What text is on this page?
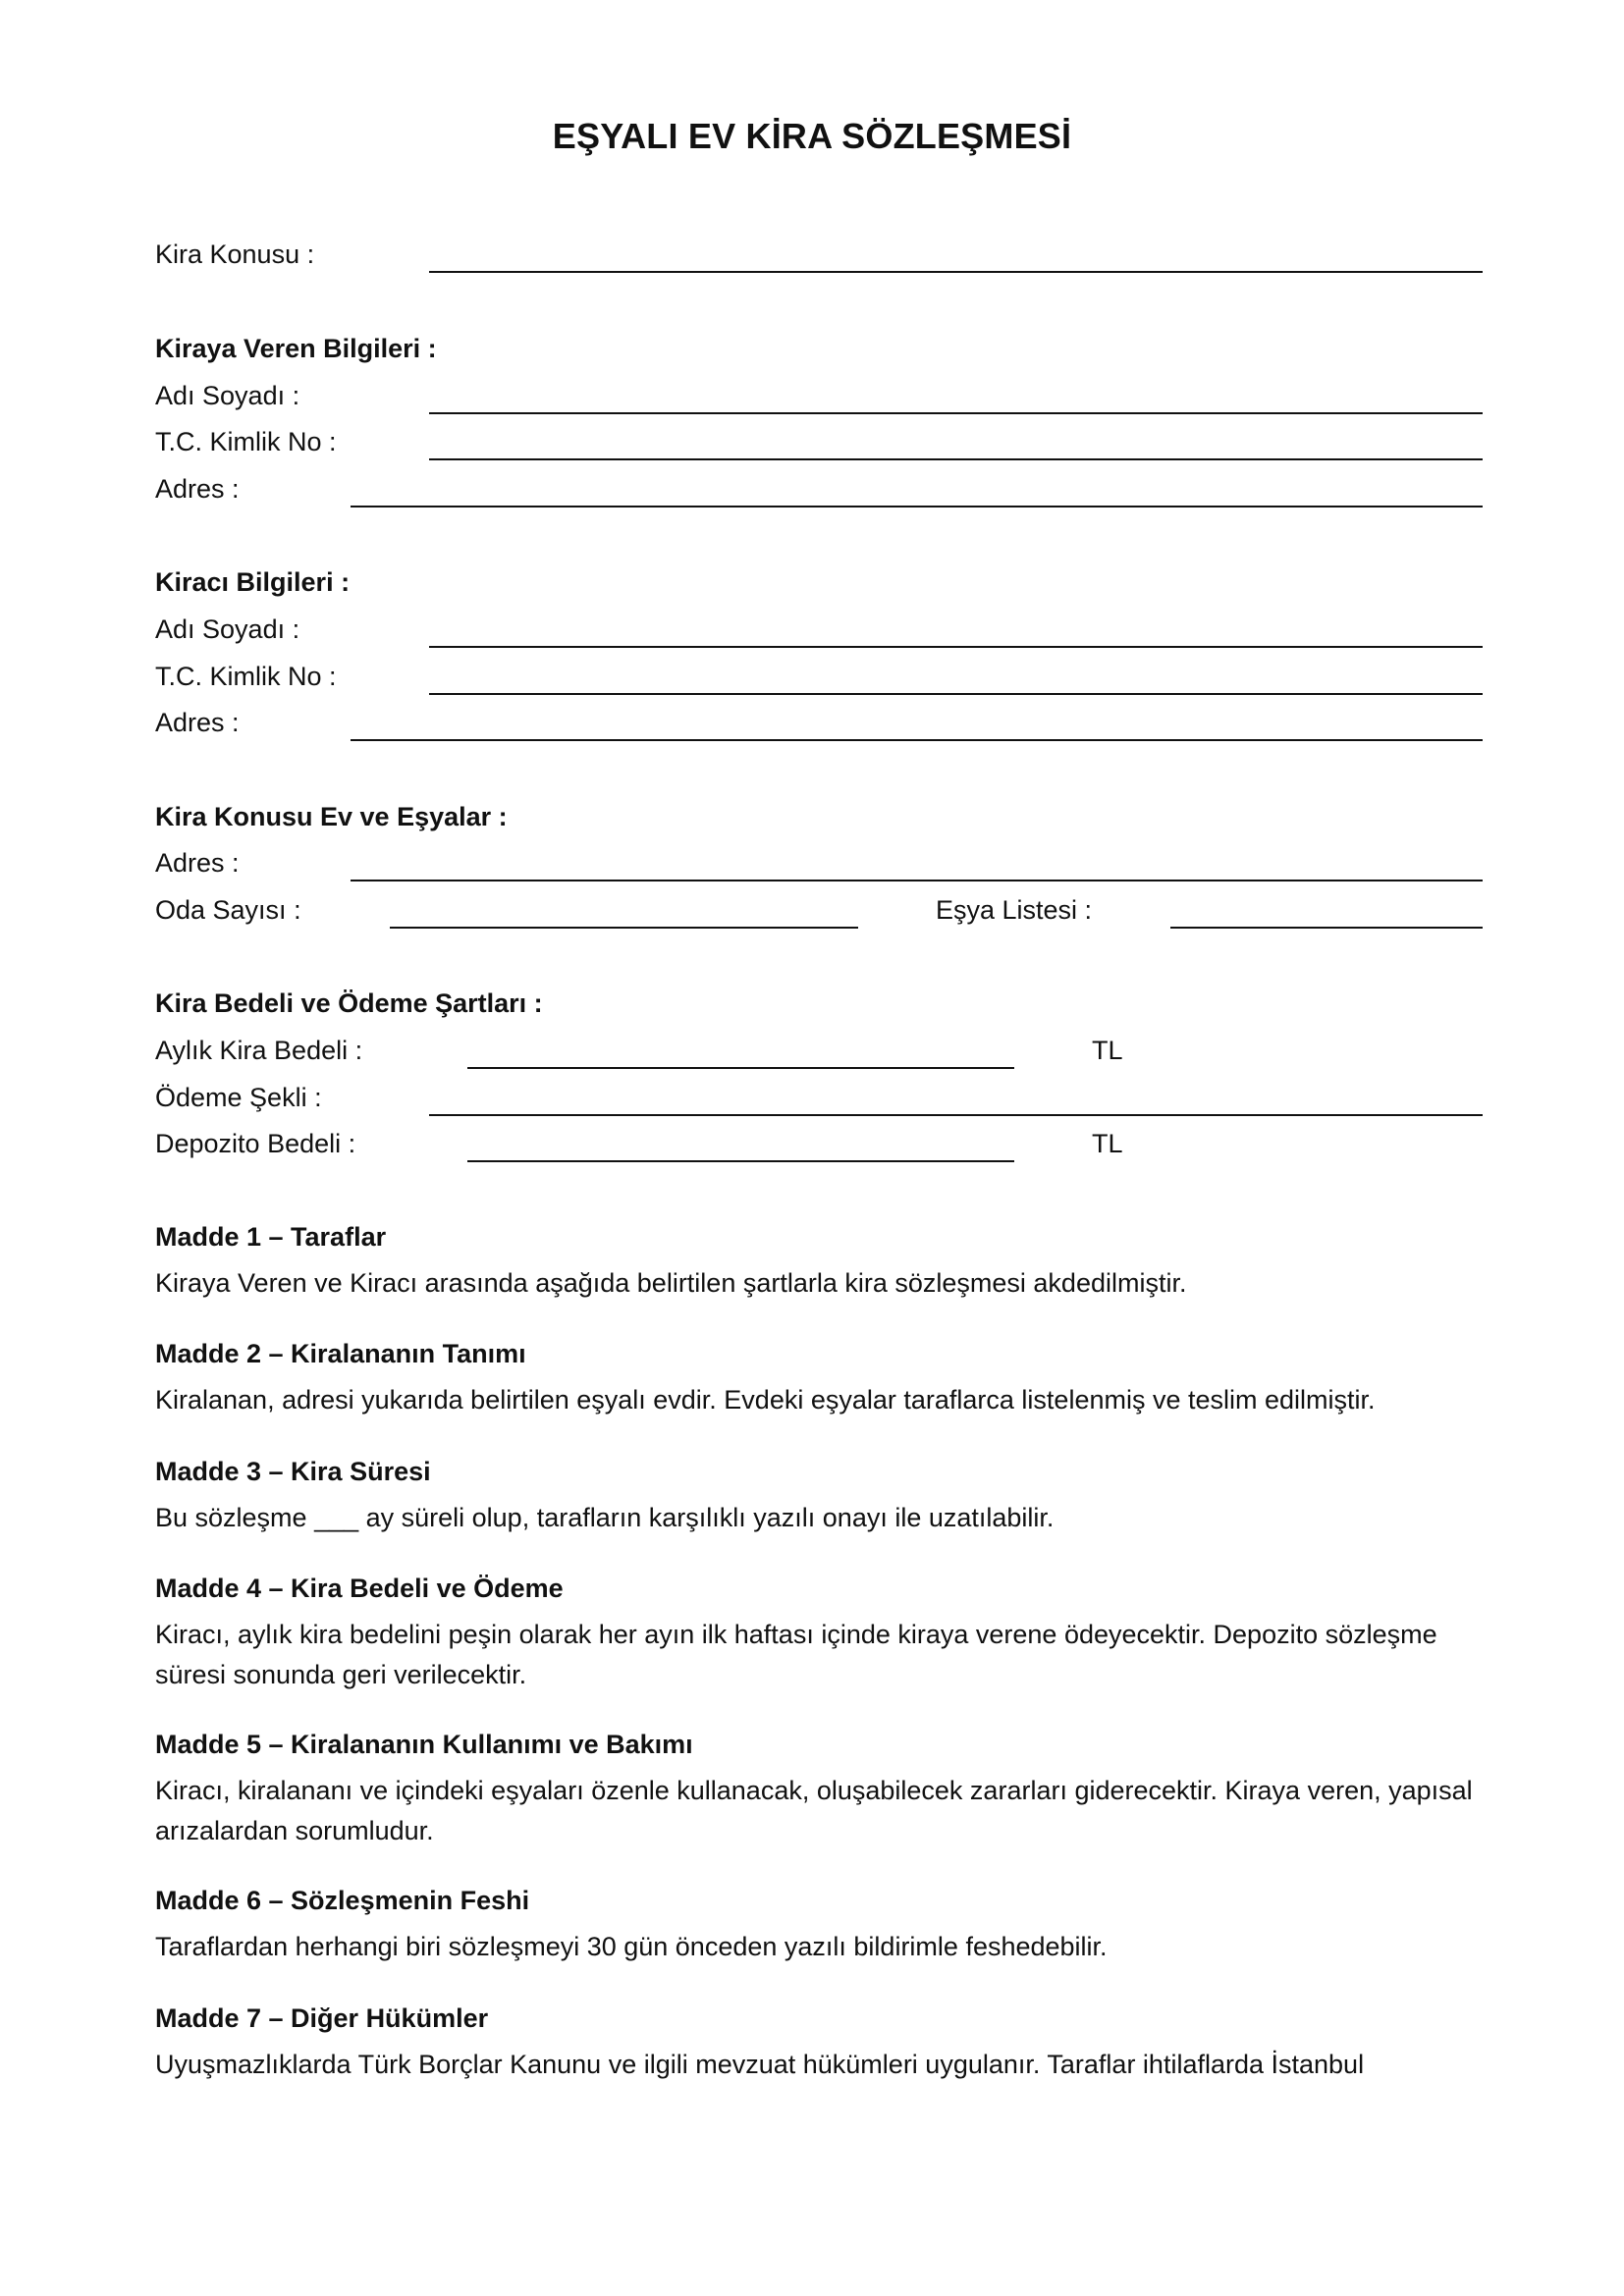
EŞYALI EV KİRA SÖZLEŞMESİ
Kira Konusu :
Kiraya Veren Bilgileri :
Adı Soyadı :
T.C. Kimlik No :
Adres :
Kiracı Bilgileri :
Adı Soyadı :
T.C. Kimlik No :
Adres :
Kira Konusu Ev ve Eşyalar :
Adres :
Oda Sayısı :	Eşya Listesi :
Kira Bedeli ve Ödeme Şartları :
Aylık Kira Bedeli :	TL
Ödeme Şekli :
Depozito Bedeli :	TL
Madde 1 – Taraflar
Kiraya Veren ve Kiracı arasında aşağıda belirtilen şartlarla kira sözleşmesi akdedilmiştir.
Madde 2 – Kiralananın Tanımı
Kiralanan, adresi yukarıda belirtilen eşyalı evdir. Evdeki eşyalar taraflarca listelenmiş ve teslim edilmiştir.
Madde 3 – Kira Süresi
Bu sözleşme ___ ay süreli olup, tarafların karşılıklı yazılı onayı ile uzatılabilir.
Madde 4 – Kira Bedeli ve Ödeme
Kiracı, aylık kira bedelini peşin olarak her ayın ilk haftası içinde kiraya verene ödeyecektir. Depozito sözleşme süresi sonunda geri verilecektir.
Madde 5 – Kiralananın Kullanımı ve Bakımı
Kiracı, kiralananı ve içindeki eşyaları özenle kullanacak, oluşabilecek zararları giderecektir. Kiraya veren, yapısal arızalardan sorumludur.
Madde 6 – Sözleşmenin Feshi
Taraflardan herhangi biri sözleşmeyi 30 gün önceden yazılı bildirimle feshedebilir.
Madde 7 – Diğer Hükümler
Uyuşmazlıklarda Türk Borçlar Kanunu ve ilgili mevzuat hükümleri uygulanır. Taraflar ihtilaflarda İstanbul
